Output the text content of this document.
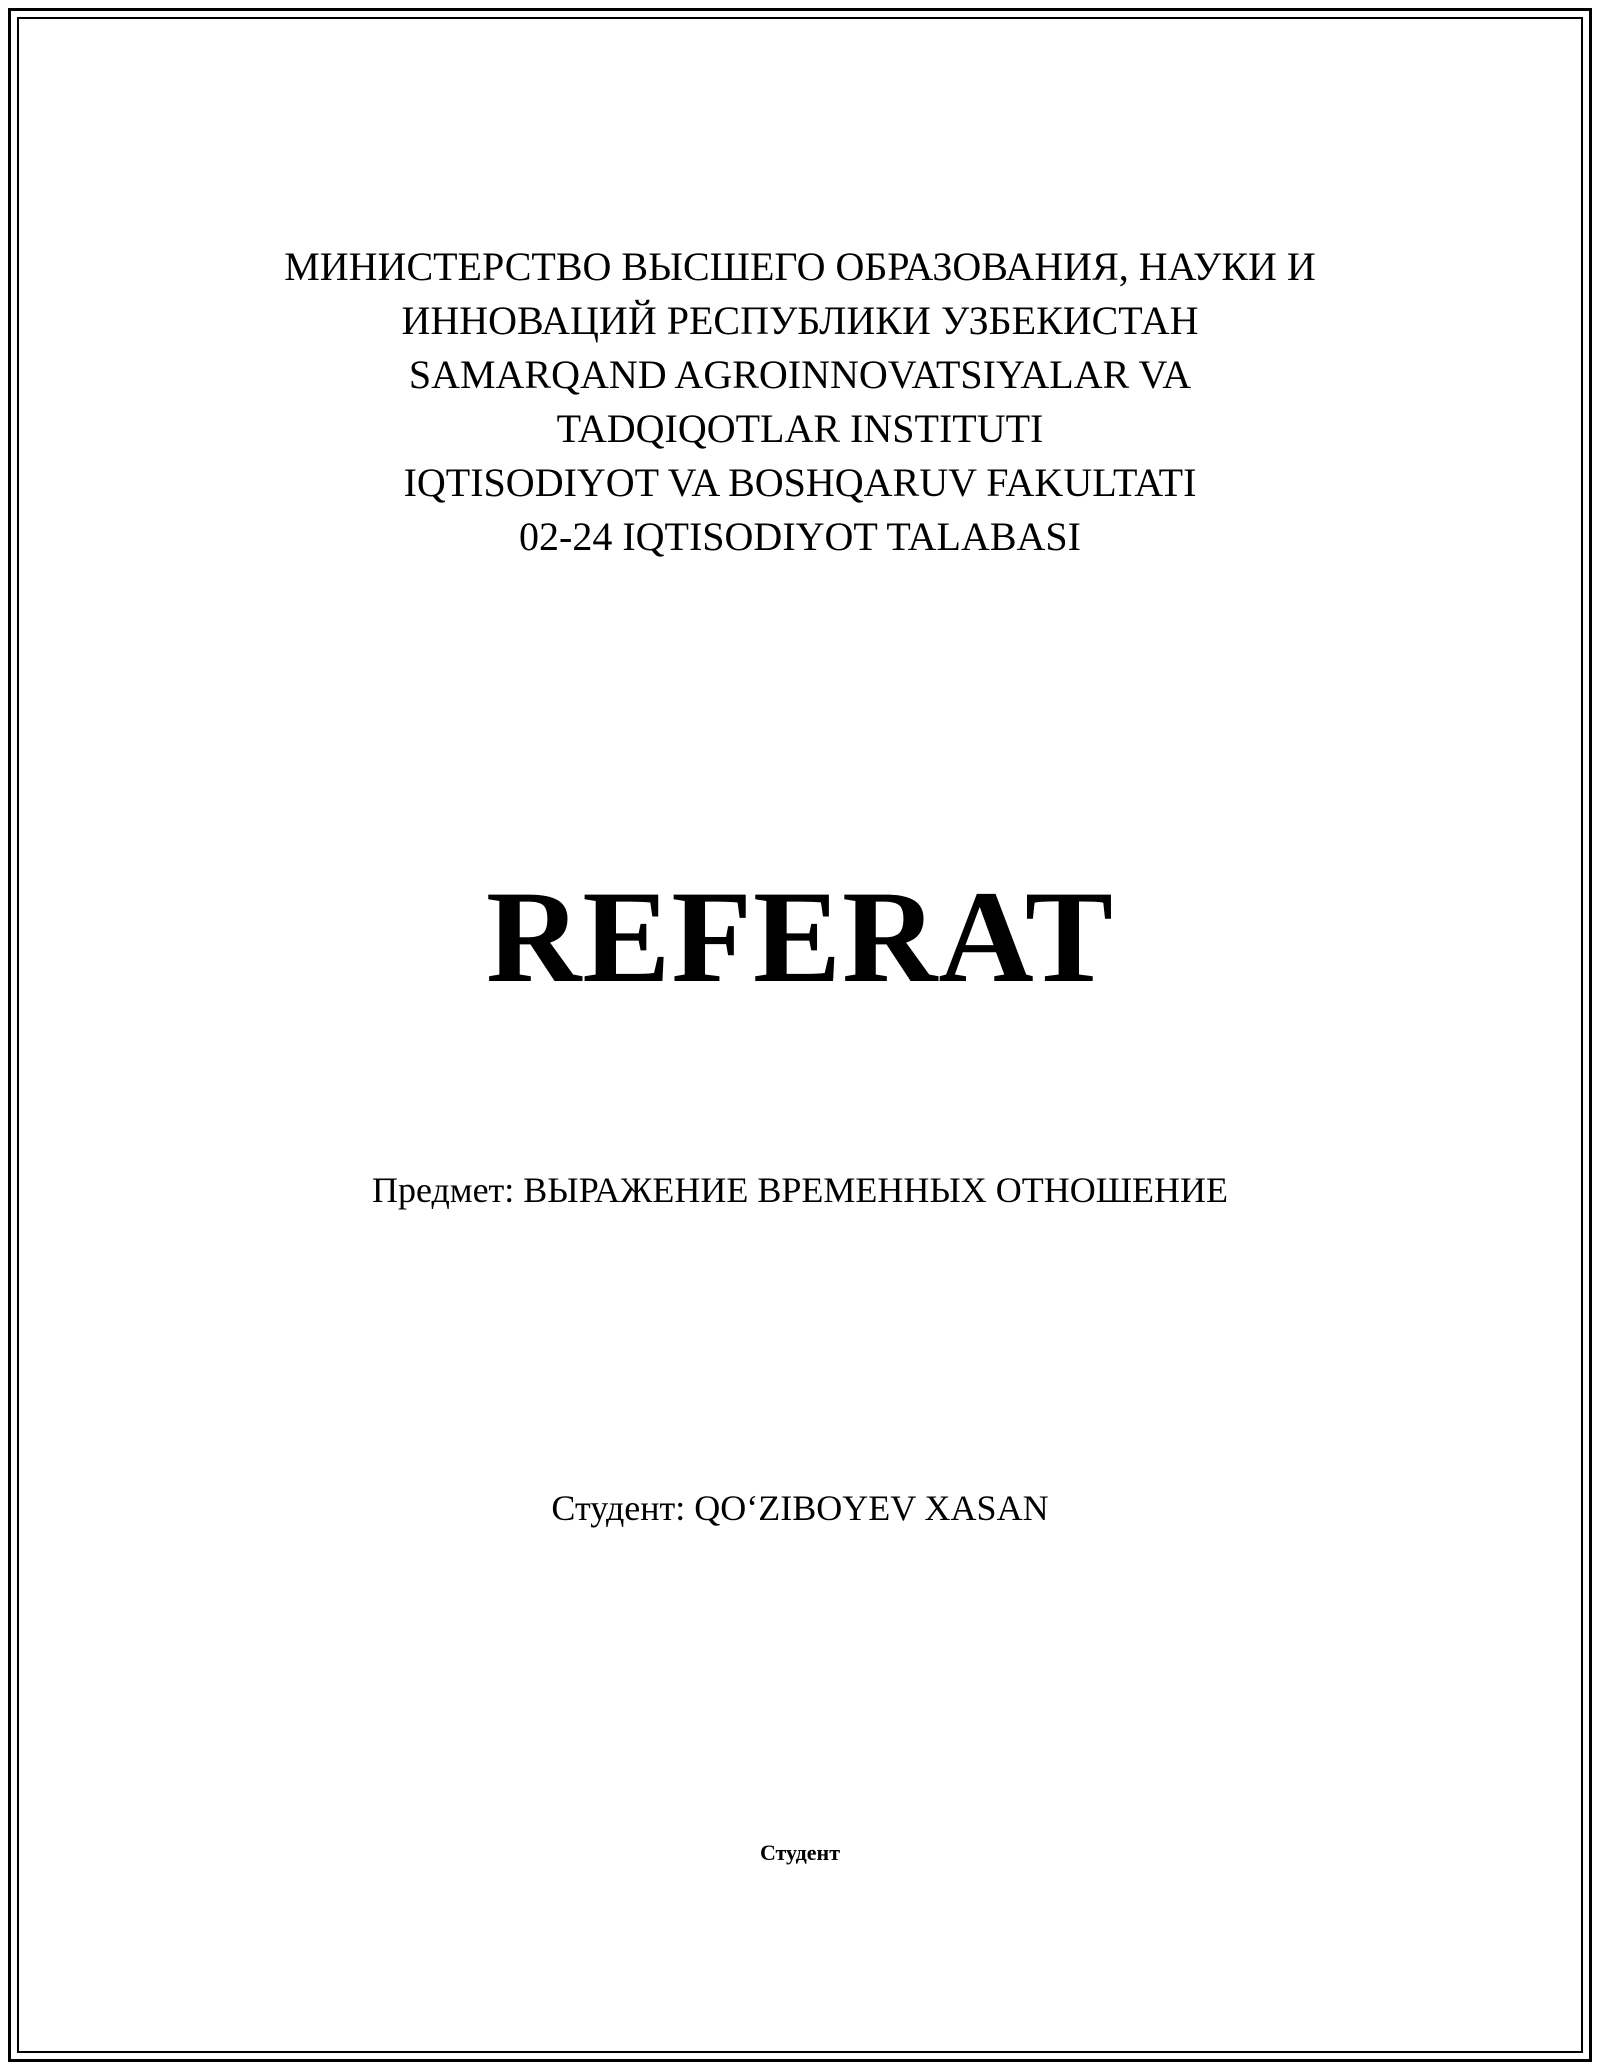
МИНИСТЕРСТВО ВЫСШЕГО ОБРАЗОВАНИЯ, НАУКИ И
ИННОВАЦИЙ РЕСПУБЛИКИ УЗБЕКИСТАН
SAMARQAND AGROINNOVATSIYALAR VA
TADQIQOTLAR INSTITUTI
IQTISODIYOT VA BOSHQARUV FAKULTATI
02-24 IQTISODIYOT TALABASI
REFERAT
Предмет: ВЫРАЖЕНИЕ ВРЕМЕННЫХ ОТНОШЕНИЕ
Студент: QO‘ZIBOYEV XASAN
Студент
